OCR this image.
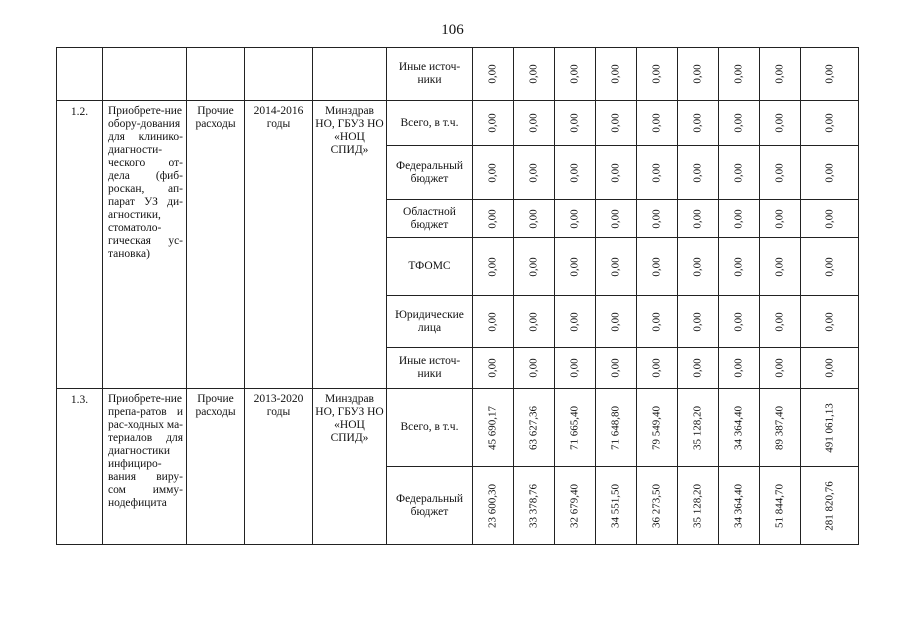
106
					Иные источ-ники	0,00	0,00	0,00	0,00	0,00	0,00	0,00	0,00	0,00

1.2.	Приобрете-ние обору-дования для клинико-диагности-ческого от-дела (фиб-роскан, ап-парат УЗ ди-агностики, стоматоло-гическая ус-тановка)	Прочие расходы	2014-2016 годы	Минздрав НО, ГБУЗ НО «НОЦ СПИД»	Всего, в т.ч.	0,00	0,00	0,00	0,00	0,00	0,00	0,00	0,00	0,00

					Федеральный бюджет	0,00	0,00	0,00	0,00	0,00	0,00	0,00	0,00	0,00

					Областной бюджет	0,00	0,00	0,00	0,00	0,00	0,00	0,00	0,00	0,00

					ТФОМС	0,00	0,00	0,00	0,00	0,00	0,00	0,00	0,00	0,00

					Юридические лица	0,00	0,00	0,00	0,00	0,00	0,00	0,00	0,00	0,00

					Иные источ-ники	0,00	0,00	0,00	0,00	0,00	0,00	0,00	0,00	0,00

1.3.	Приобрете-ние препа-ратов и рас-ходных ма-териалов для диагностики инфициро-вания виру-сом имму-нодефицита	Прочие расходы	2013-2020 годы	Минздрав НО, ГБУЗ НО «НОЦ СПИД»	Всего, в т.ч.	45 690,17	63 627,36	71 665,40	71 648,80	79 549,40	35 128,20	34 364,40	89 387,40	491 061,13

					Федеральный бюджет	23 600,30	33 378,76	32 679,40	34 551,50	36 273,50	35 128,20	34 364,40	51 844,70	281 820,76
